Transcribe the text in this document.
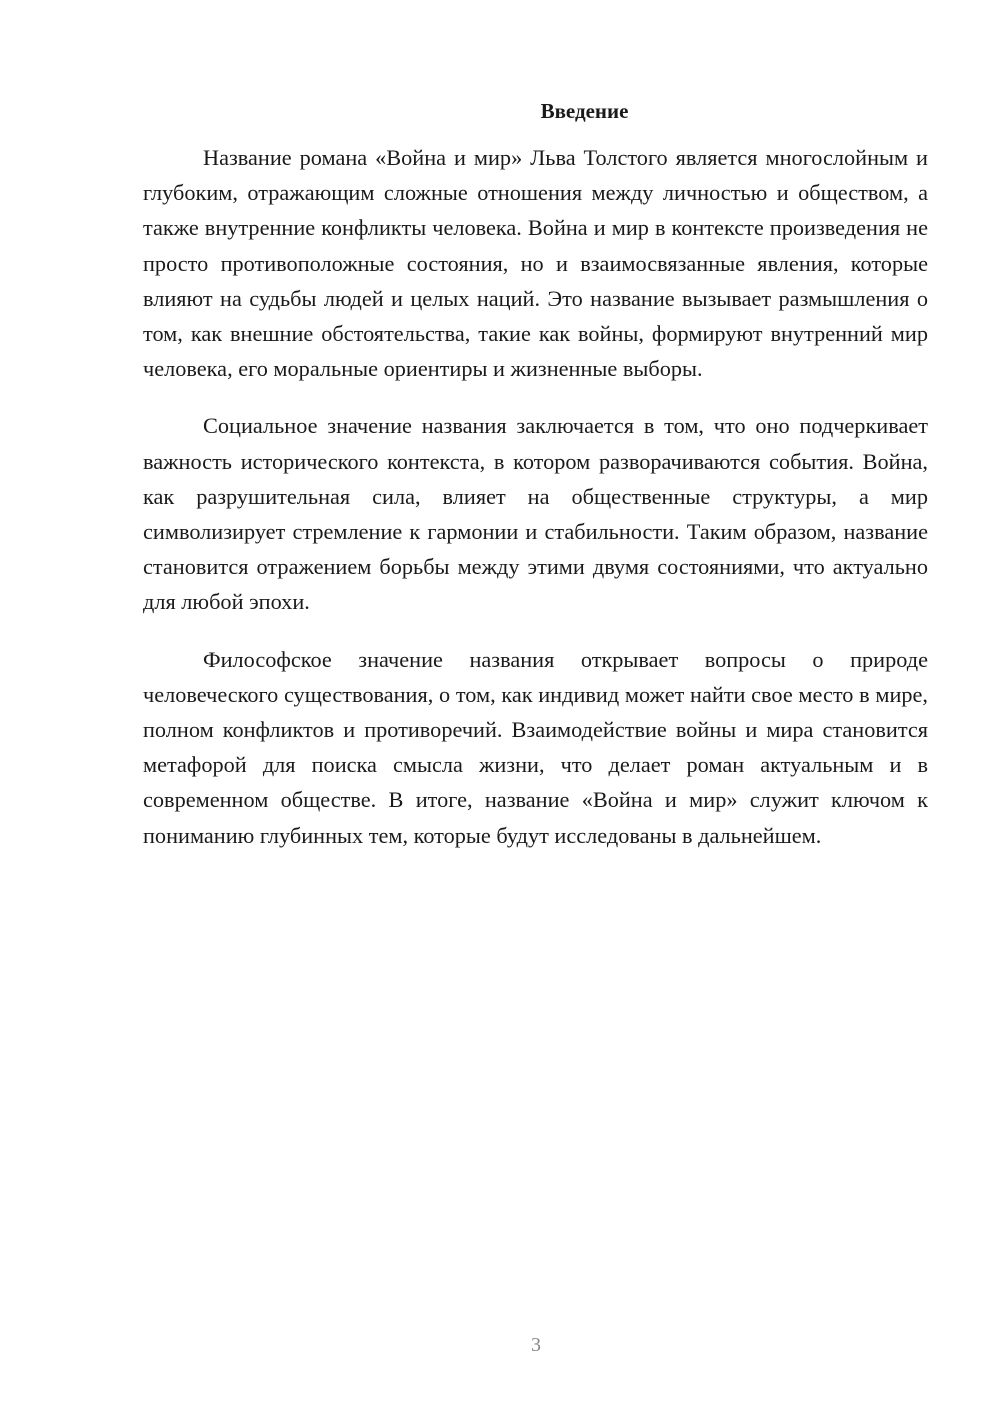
Введение

Название романа «Война и мир» Льва Толстого является многослойным и глубоким, отражающим сложные отношения между личностью и обществом, а также внутренние конфликты человека. Война и мир в контексте произведения не просто противоположные состояния, но и взаимосвязанные явления, которые влияют на судьбы людей и целых наций. Это название вызывает размышления о том, как внешние обстоятельства, такие как войны, формируют внутренний мир человека, его моральные ориентиры и жизненные выборы.

Социальное значение названия заключается в том, что оно подчеркивает важность исторического контекста, в котором разворачиваются события. Война, как разрушительная сила, влияет на общественные структуры, а мир символизирует стремление к гармонии и стабильности. Таким образом, название становится отражением борьбы между этими двумя состояниями, что актуально для любой эпохи.

Философское значение названия открывает вопросы о природе человеческого существования, о том, как индивид может найти свое место в мире, полном конфликтов и противоречий. Взаимодействие войны и мира становится метафорой для поиска смысла жизни, что делает роман актуальным и в современном обществе. В итоге, название «Война и мир» служит ключом к пониманию глубинных тем, которые будут исследованы в дальнейшем.

3
